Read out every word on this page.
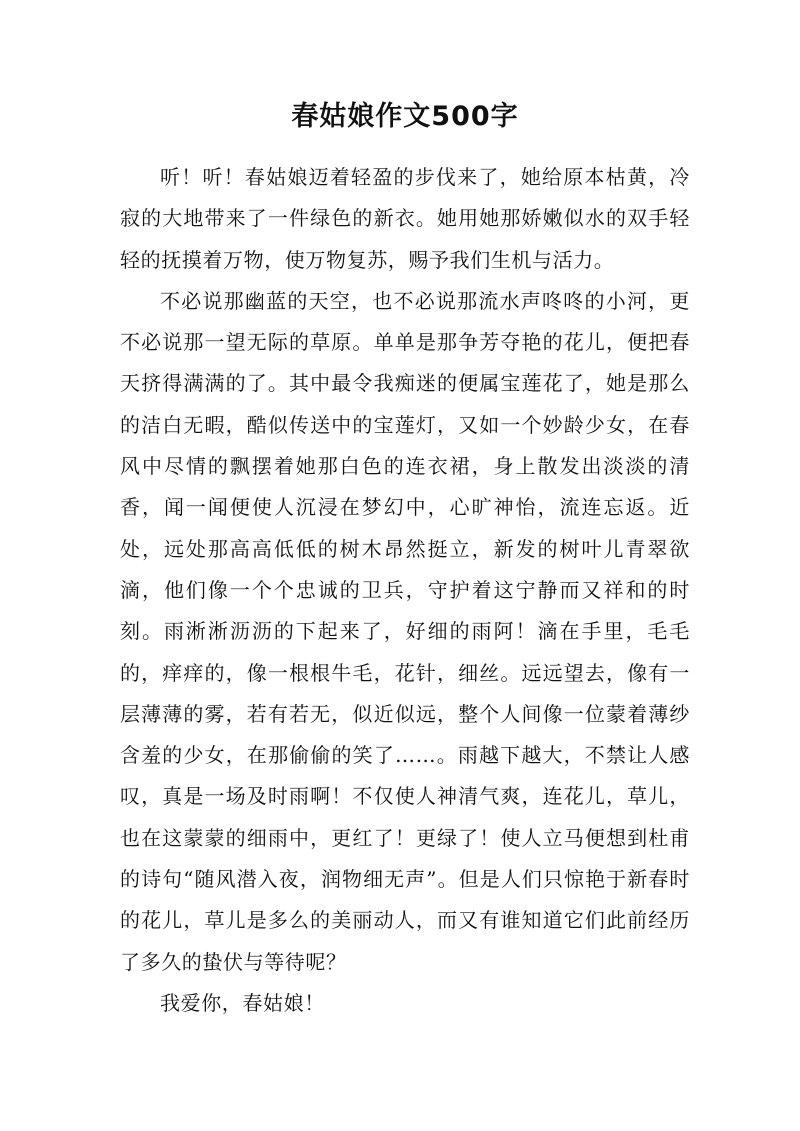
春姑娘作文500字

听！听！春姑娘迈着轻盈的步伐来了，她给原本枯黄，冷寂的大地带来了一件绿色的新衣。她用她那娇嫩似水的双手轻轻的抚摸着万物，使万物复苏，赐予我们生机与活力。

不必说那幽蓝的天空，也不必说那流水声咚咚的小河，更不必说那一望无际的草原。单单是那争芳夺艳的花儿，便把春天挤得满满的了。其中最令我痴迷的便属宝莲花了，她是那么的洁白无暇，酷似传送中的宝莲灯，又如一个妙龄少女，在春风中尽情的飘摆着她那白色的连衣裙，身上散发出淡淡的清香，闻一闻便使人沉浸在梦幻中，心旷神怡，流连忘返。近处，远处那高高低低的树木昂然挺立，新发的树叶儿青翠欲滴，他们像一个个忠诚的卫兵，守护着这宁静而又祥和的时刻。雨淅淅沥沥的下起来了，好细的雨阿！滴在手里，毛毛的，痒痒的，像一根根牛毛，花针，细丝。远远望去，像有一层薄薄的雾，若有若无，似近似远，整个人间像一位蒙着薄纱含羞的少女，在那偷偷的笑了……。雨越下越大，不禁让人感叹，真是一场及时雨啊！不仅使人神清气爽，连花儿，草儿，也在这蒙蒙的细雨中，更红了！更绿了！使人立马便想到杜甫的诗句“随风潜入夜，润物细无声”。但是人们只惊艳于新春时的花儿，草儿是多么的美丽动人，而又有谁知道它们此前经历了多久的蛰伏与等待呢？

我爱你，春姑娘！
